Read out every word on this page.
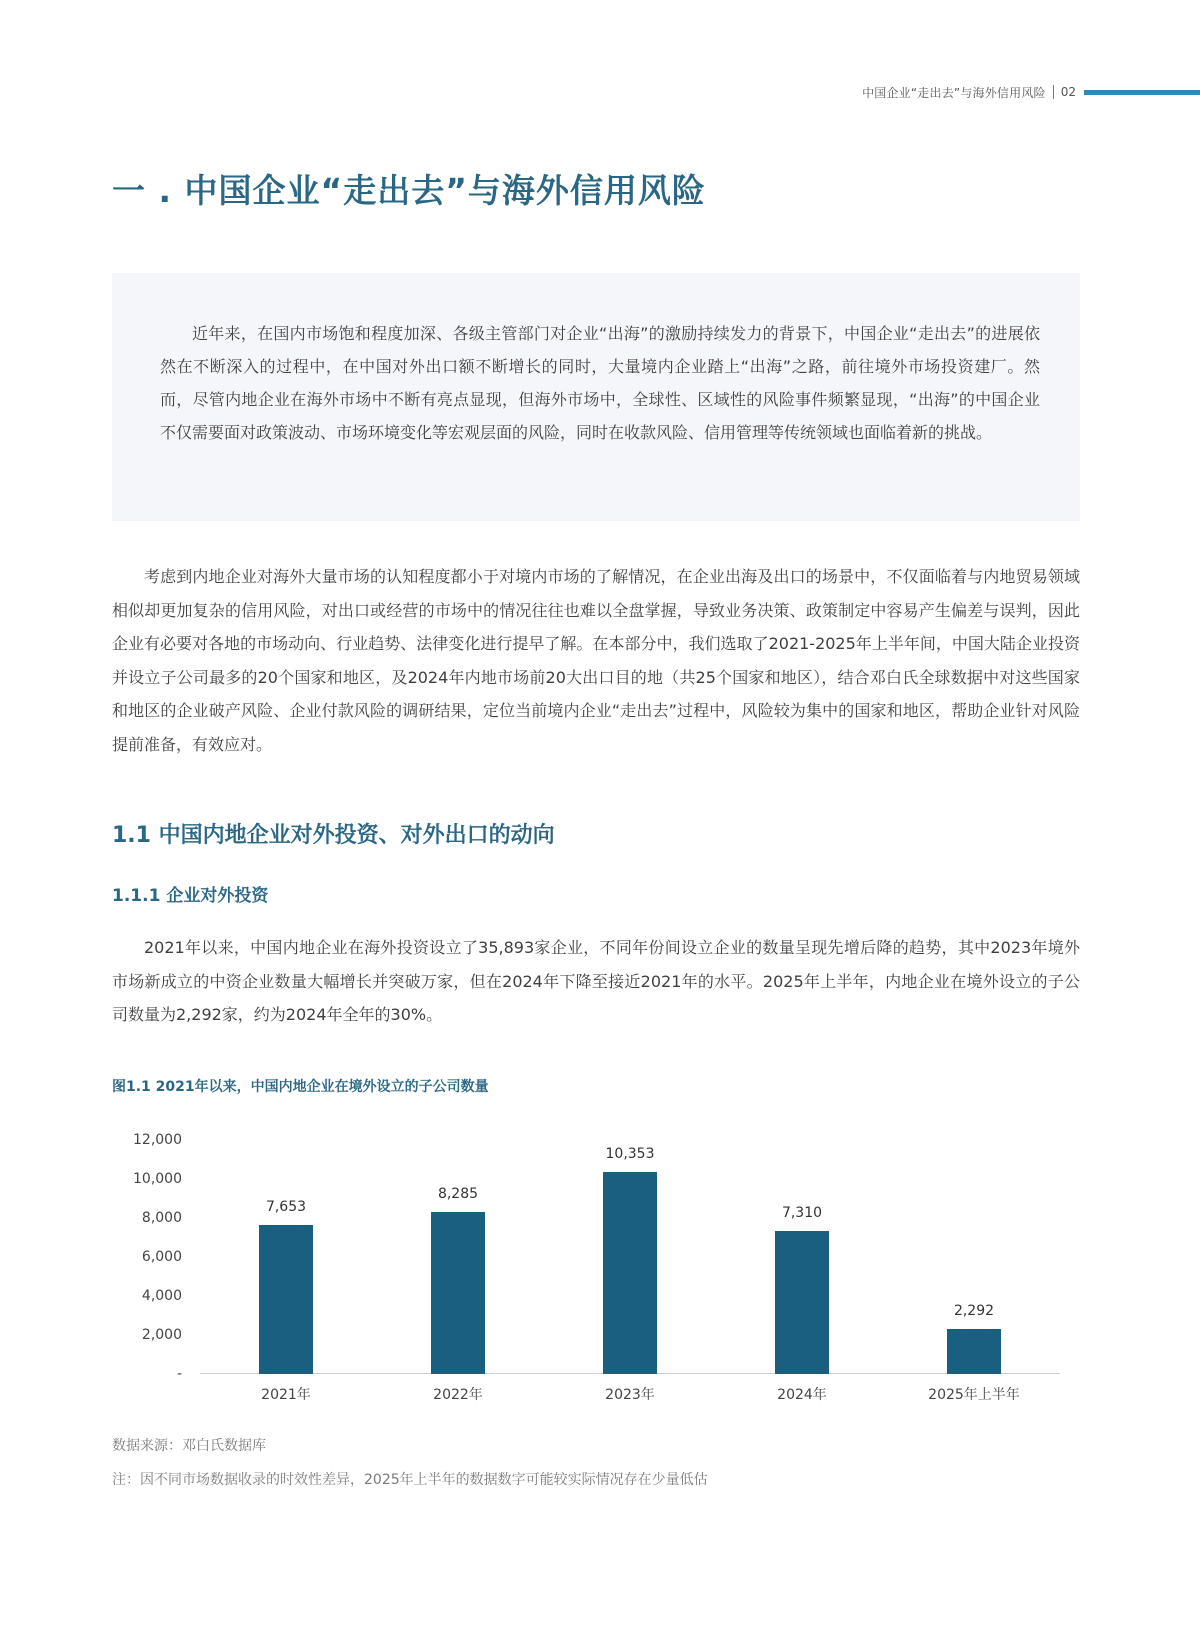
中国企业“走出去”与海外信用风险 02
一 . 中国企业“走出去”与海外信用风险

近年来，在国内市场饱和程度加深、各级主管部门对企业“出海”的激励持续发力的背景下，中国企业“走出去”的进展依然在不断深入的过程中，在中国对外出口额不断增长的同时，大量境内企业踏上“出海”之路，前往境外市场投资建厂。然而，尽管内地企业在海外市场中不断有亮点显现，但海外市场中，全球性、区域性的风险事件频繁显现，“出海”的中国企业不仅需要面对政策波动、市场环境变化等宏观层面的风险，同时在收款风险、信用管理等传统领域也面临着新的挑战。

考虑到内地企业对海外大量市场的认知程度都小于对境内市场的了解情况，在企业出海及出口的场景中，不仅面临着与内地贸易领域相似却更加复杂的信用风险，对出口或经营的市场中的情况往往也难以全盘掌握，导致业务决策、政策制定中容易产生偏差与误判，因此企业有必要对各地的市场动向、行业趋势、法律变化进行提早了解。在本部分中，我们选取了2021-2025年上半年间，中国大陆企业投资并设立子公司最多的20个国家和地区，及2024年内地市场前20大出口目的地（共25个国家和地区），结合邓白氏全球数据中对这些国家和地区的企业破产风险、企业付款风险的调研结果，定位当前境内企业“走出去”过程中，风险较为集中的国家和地区，帮助企业针对风险提前准备，有效应对。

1.1 中国内地企业对外投资、对外出口的动向
1.1.1 企业对外投资

2021年以来，中国内地企业在海外投资设立了35,893家企业，不同年份间设立企业的数量呈现先增后降的趋势，其中2023年境外市场新成立的中资企业数量大幅增长并突破万家，但在2024年下降至接近2021年的水平。2025年上半年，内地企业在境外设立的子公司数量为2,292家，约为2024年全年的30%。

图1.1 2021年以来，中国内地企业在境外设立的子公司数量

12,000
10,000
8,000
6,000
4,000
2,000
-
7,653
8,285
10,353
7,310
2,292
2021年	2022年	2023年	2024年	2025年上半年

数据来源：邓白氏数据库

注：因不同市场数据收录的时效性差异，2025年上半年的数据数字可能较实际情况存在少量低估
